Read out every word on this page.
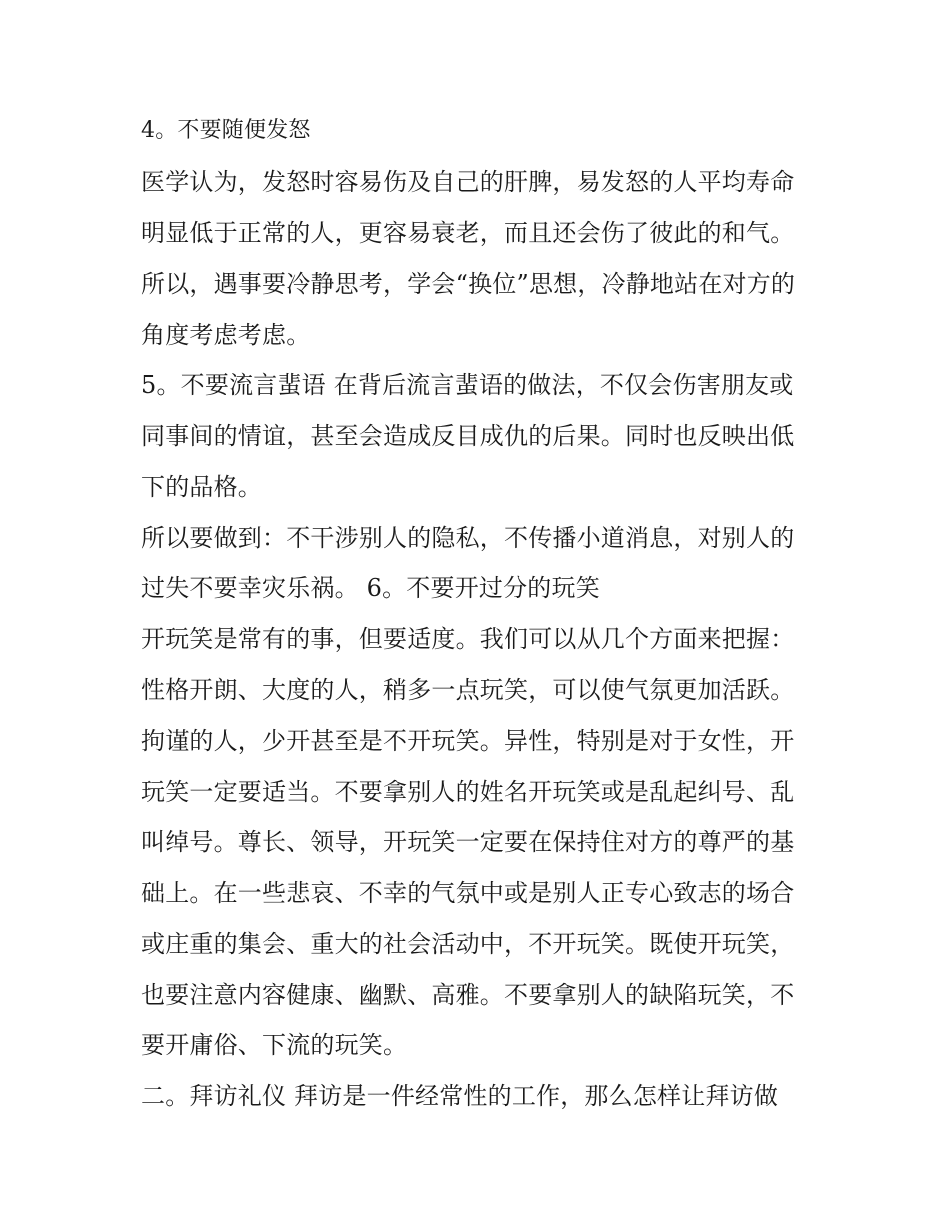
4。不要随便发怒
医学认为，发怒时容易伤及自己的肝脾，易发怒的人平均寿命
明显低于正常的人，更容易衰老，而且还会伤了彼此的和气。
所以，遇事要冷静思考，学会“换位”思想，冷静地站在对方的
角度考虑考虑。
5。不要流言蜚语 在背后流言蜚语的做法，不仅会伤害朋友或
同事间的情谊，甚至会造成反目成仇的后果。同时也反映出低
下的品格。
所以要做到：不干涉别人的隐私，不传播小道消息，对别人的
过失不要幸灾乐祸。 6。不要开过分的玩笑
开玩笑是常有的事，但要适度。我们可以从几个方面来把握：
性格开朗、大度的人，稍多一点玩笑，可以使气氛更加活跃。
拘谨的人，少开甚至是不开玩笑。异性，特别是对于女性，开
玩笑一定要适当。不要拿别人的姓名开玩笑或是乱起纠号、乱
叫绰号。尊长、领导，开玩笑一定要在保持住对方的尊严的基
础上。在一些悲哀、不幸的气氛中或是别人正专心致志的场合
或庄重的集会、重大的社会活动中，不开玩笑。既使开玩笑，
也要注意内容健康、幽默、高雅。不要拿别人的缺陷玩笑，不
要开庸俗、下流的玩笑。
二。拜访礼仪 拜访是一件经常性的工作，那么怎样让拜访做
